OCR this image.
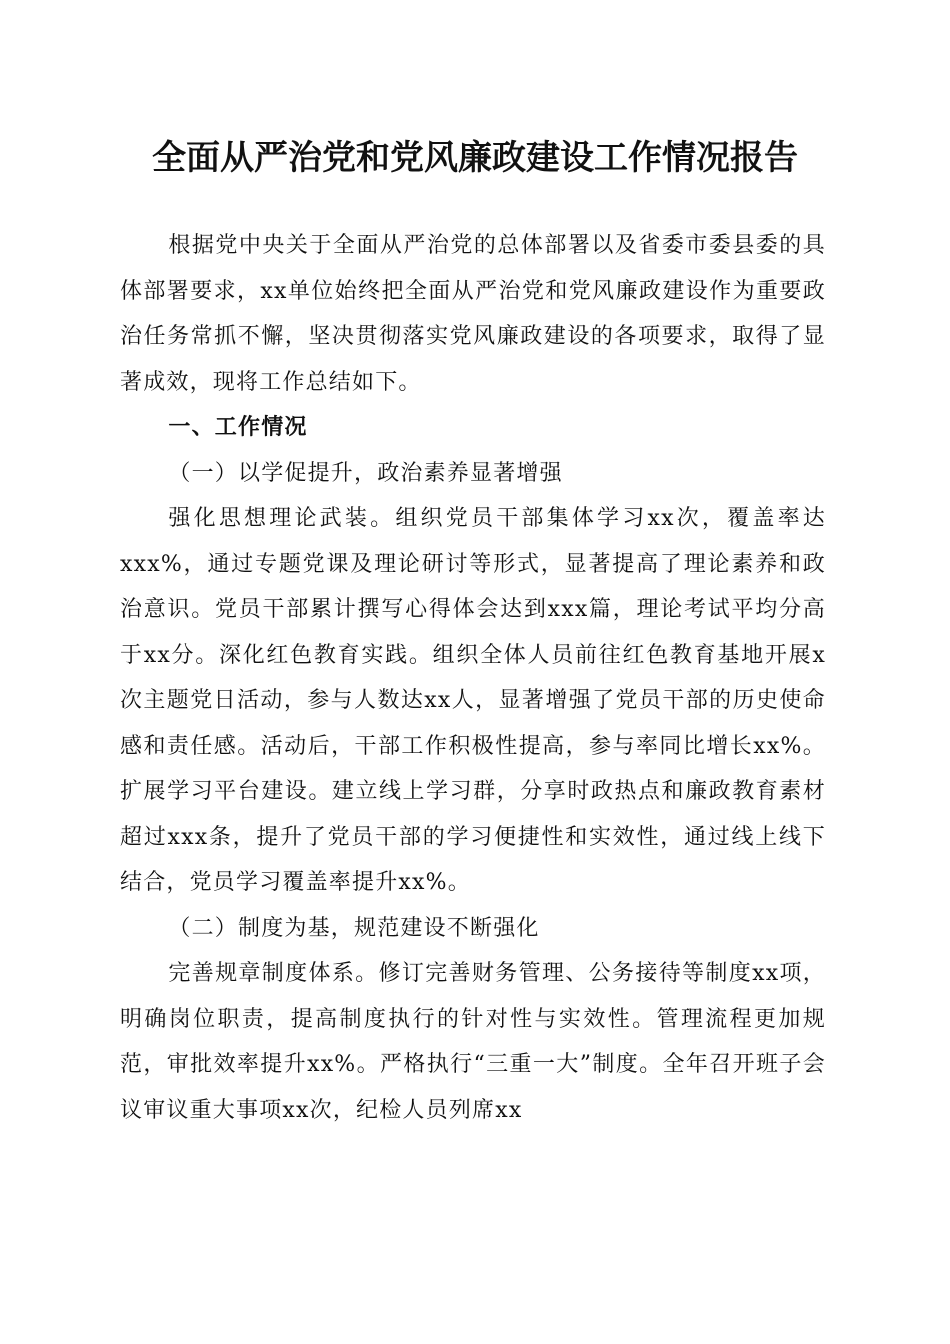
全面从严治党和党风廉政建设工作情况报告

根据党中央关于全面从严治党的总体部署以及省委市委县委的具体部署要求，xx单位始终把全面从严治党和党风廉政建设作为重要政治任务常抓不懈，坚决贯彻落实党风廉政建设的各项要求，取得了显著成效，现将工作总结如下。

一、工作情况

（一）以学促提升，政治素养显著增强

强化思想理论武装。组织党员干部集体学习xx次，覆盖率达xxx%，通过专题党课及理论研讨等形式，显著提高了理论素养和政治意识。党员干部累计撰写心得体会达到xxx篇，理论考试平均分高于xx分。深化红色教育实践。组织全体人员前往红色教育基地开展x次主题党日活动，参与人数达xx人，显著增强了党员干部的历史使命感和责任感。活动后，干部工作积极性提高，参与率同比增长xx%。扩展学习平台建设。建立线上学习群，分享时政热点和廉政教育素材超过xxx条，提升了党员干部的学习便捷性和实效性，通过线上线下结合，党员学习覆盖率提升xx%。

（二）制度为基，规范建设不断强化

完善规章制度体系。修订完善财务管理、公务接待等制度xx项，明确岗位职责，提高制度执行的针对性与实效性。管理流程更加规范，审批效率提升xx%。严格执行“三重一大”制度。全年召开班子会议审议重大事项xx次，纪检人员列席xx
